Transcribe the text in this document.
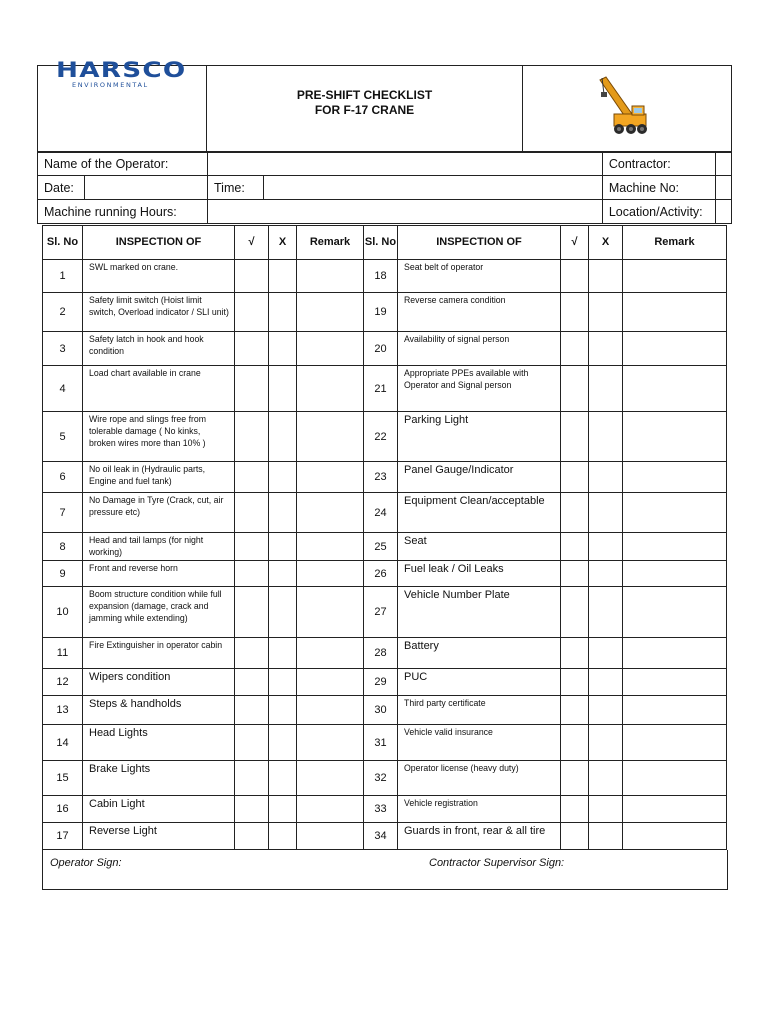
HARSCO
ENVIRONMENTAL

PRE-SHIFT CHECKLIST
FOR F-17 CRANE

Name of the Operator:				Contractor:	
Date:		Time:		Machine No:	
Machine running Hours:				Location/Activity:	
Sl. No	INSPECTION OF	√	X	Remark	Sl. No	INSPECTION OF	√	X	Remark
1	SWL marked on crane.				18	Seat belt of operator			

2	Safety limit switch (Hoist limit switch, Overload indicator / SLI unit)				19	Reverse camera condition			

3	Safety latch in hook and hook condition				20	Availability of signal person			

4	Load chart available in crane				21	Appropriate PPEs available with Operator and Signal person			

5	Wire rope and slings free from tolerable damage ( No kinks, broken wires more than 10% )				22	Parking Light			
6	No oil leak in (Hydraulic parts, Engine and fuel tank)				23	Panel Gauge/Indicator			
7	No Damage in Tyre (Crack, cut, air pressure etc)				24	Equipment Clean/acceptable			
8	Head and tail lamps (for night working)				25	Seat			
9	Front and reverse horn				26	Fuel leak / Oil Leaks			
10	Boom structure condition while full expansion (damage, crack and jamming while extending)				27	Vehicle Number Plate			
11	Fire Extinguisher in operator cabin				28	Battery			
12	Wipers condition				29	PUC			
13	Steps & handholds				30	Third party certificate			

14	Head Lights				31	Vehicle valid insurance			

15	Brake Lights				32	Operator license (heavy duty)			

16	Cabin Light				33	Vehicle registration			

17	Reverse Light				34	Guards in front, rear & all tire			
Operator Sign:	Contractor Supervisor Sign:
